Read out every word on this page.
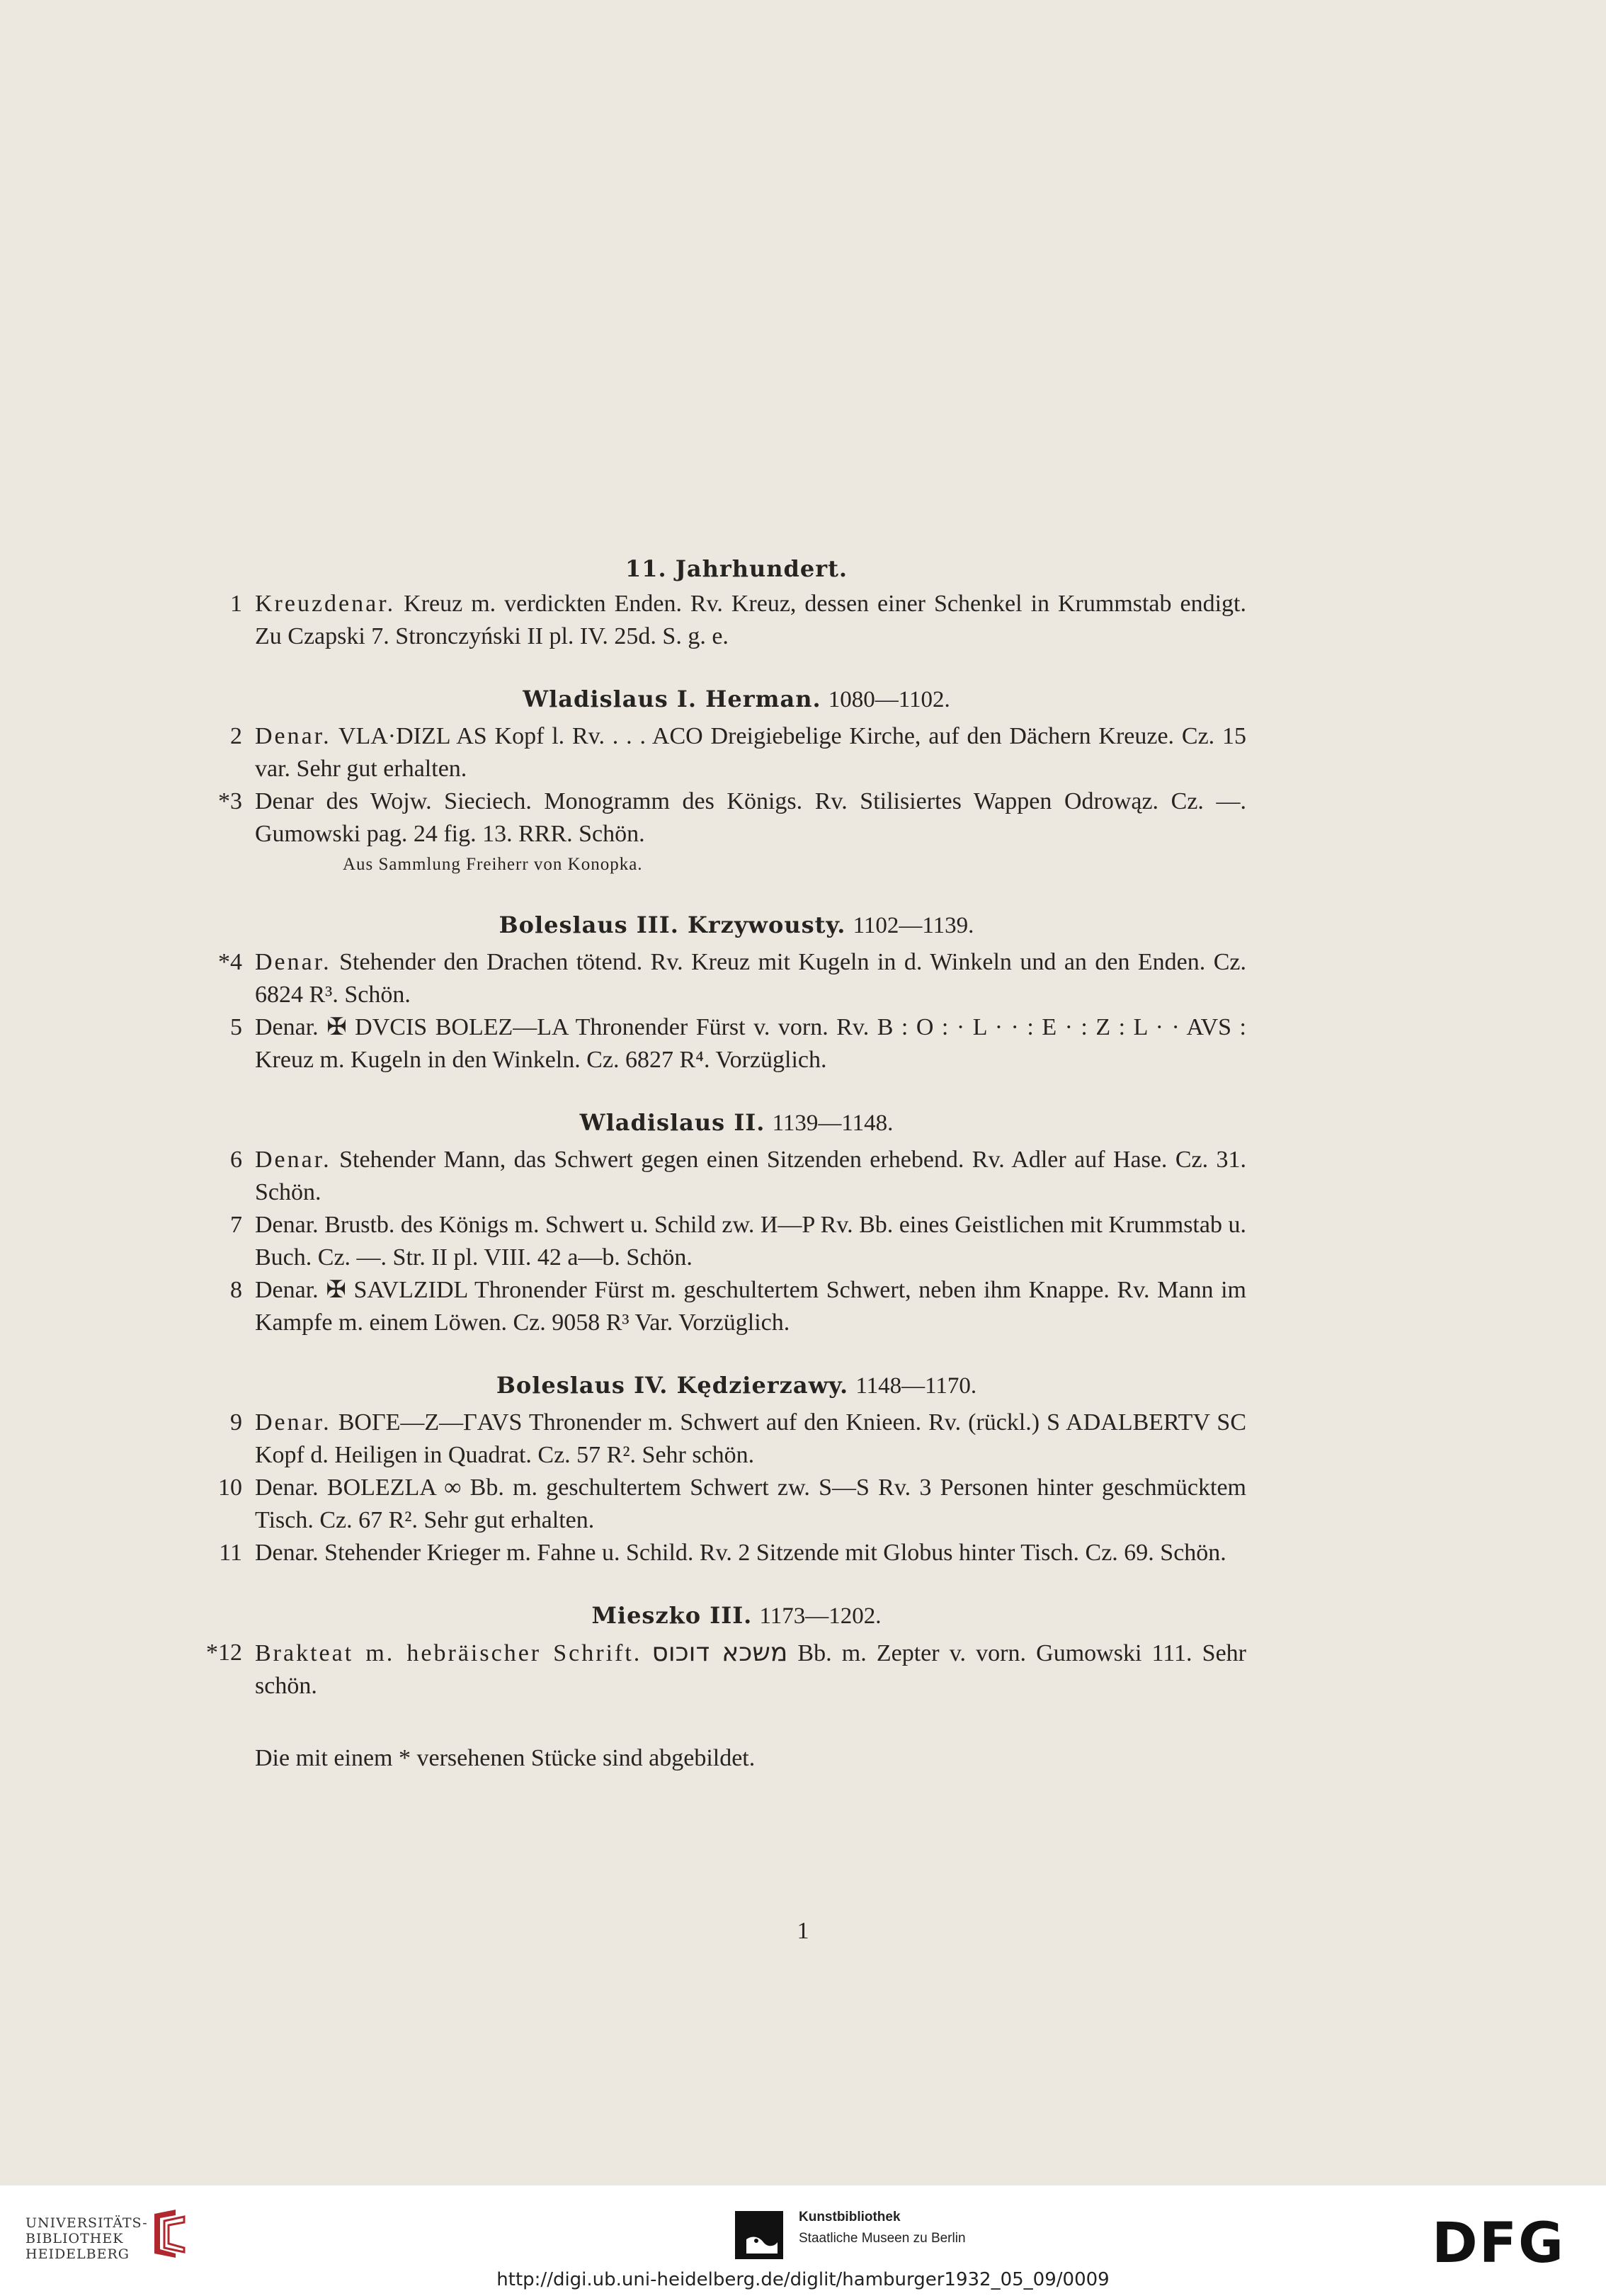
11. Jahrhundert.

1 Kreuzdenar. Kreuz m. verdickten Enden. Rv. Kreuz, dessen einer Schenkel in Krummstab endigt. Zu Czapski 7. Stronczyński II pl. IV. 25d. S. g. e.

Wladislaus I. Herman. 1080—1102.

2 Denar. VLA·DIZL AS Kopf l. Rv. . . . ACO Dreigiebelige Kirche, auf den Dächern Kreuze. Cz. 15 var. Sehr gut erhalten.
*3 Denar des Wojw. Sieciech. Monogramm des Königs. Rv. Stilisiertes Wappen Odrowąz. Cz. —. Gumowski pag. 24 fig. 13. RRR. Schön.
Aus Sammlung Freiherr von Konopka.

Boleslaus III. Krzywousty. 1102—1139.

*4 Denar. Stehender den Drachen tötend. Rv. Kreuz mit Kugeln in d. Winkeln und an den Enden. Cz. 6824 R³. Schön.
5 Denar. ✠ DVCIS BOLEZ—LA Thronender Fürst v. vorn. Rv. B : O : · L · · : E · : Z : L · · AVS : Kreuz m. Kugeln in den Winkeln. Cz. 6827 R⁴. Vorzüglich.

Wladislaus II. 1139—1148.

6 Denar. Stehender Mann, das Schwert gegen einen Sitzenden erhebend. Rv. Adler auf Hase. Cz. 31. Schön.
7 Denar. Brustb. des Königs m. Schwert u. Schild zw. И—P Rv. Bb. eines Geistlichen mit Krummstab u. Buch. Cz. —. Str. II pl. VIII. 42 a—b. Schön.
8 Denar. ✠ SAVLZIDL Thronender Fürst m. geschultertem Schwert, neben ihm Knappe. Rv. Mann im Kampfe m. einem Löwen. Cz. 9058 R³ Var. Vorzüglich.

Boleslaus IV. Kędzierzawy. 1148—1170.

9 Denar. BOΓE—Z—ΓAVS Thronender m. Schwert auf den Knieen. Rv. (rückl.) S ADALBERTV SC Kopf d. Heiligen in Quadrat. Cz. 57 R². Sehr schön.
10 Denar. BOLEZLA ∞ Bb. m. geschultertem Schwert zw. S—S Rv. 3 Personen hinter geschmücktem Tisch. Cz. 67 R². Sehr gut erhalten.
11 Denar. Stehender Krieger m. Fahne u. Schild. Rv. 2 Sitzende mit Globus hinter Tisch. Cz. 69. Schön.

Mieszko III. 1173—1202.

*12 Brakteat m. hebräischer Schrift. משכא דוכוס Bb. m. Zepter v. vorn. Gumowski 111. Sehr schön.
Die mit einem * versehenen Stücke sind abgebildet.
1
UNIVERSITÄTS-
BIBLIOTHEK
HEIDELBERG
Kunstbibliothek
Staatliche Museen zu Berlin	DFG
http://digi.ub.uni-heidelberg.de/diglit/hamburger1932_05_09/0009
